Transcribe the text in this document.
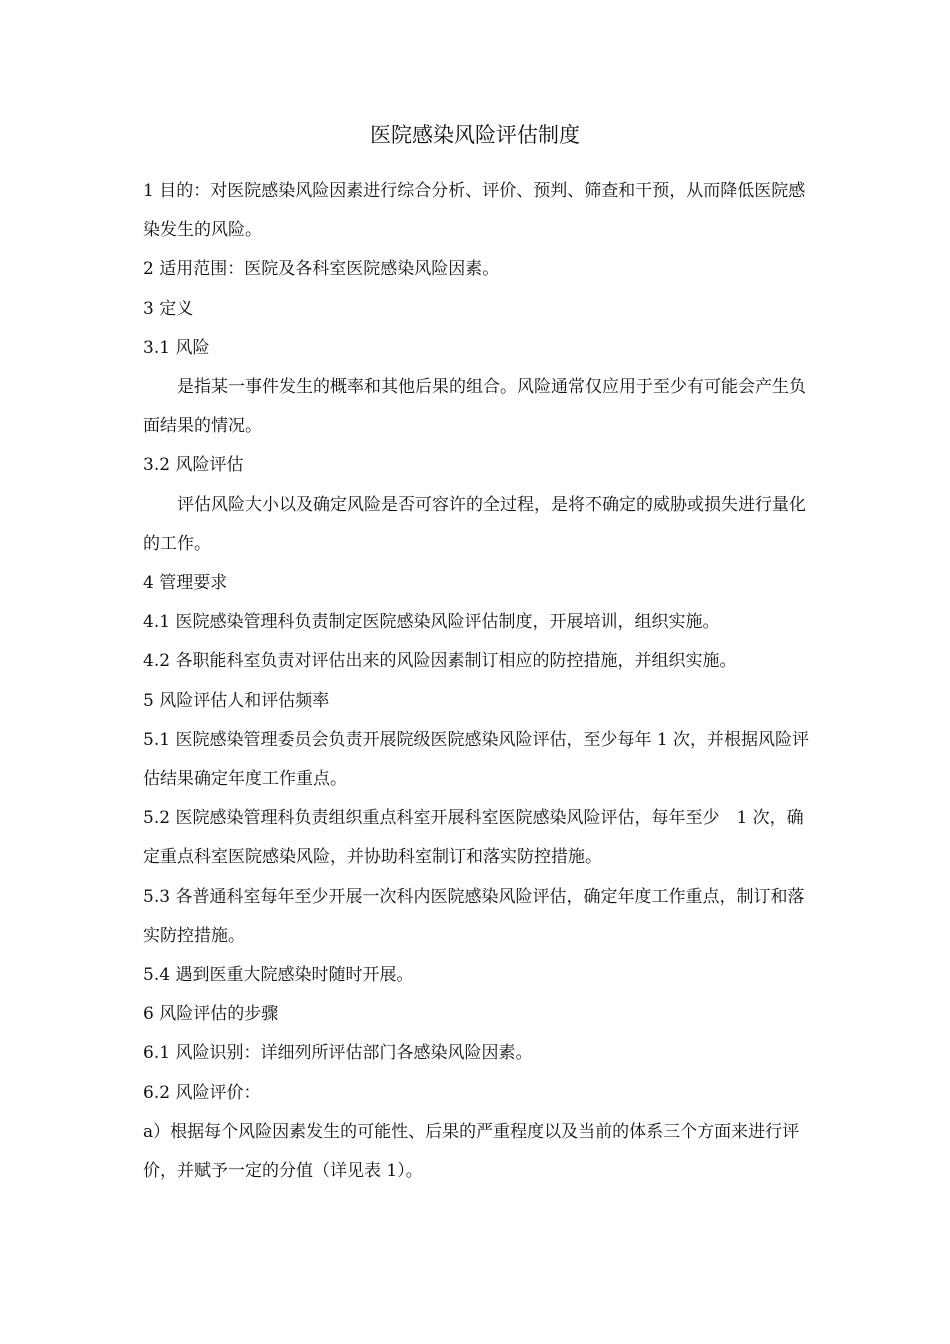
医院感染风险评估制度

1 目的：对医院感染风险因素进行综合分析、评价、预判、筛查和干预，从而降低医院感染发生的风险。

2 适用范围：医院及各科室医院感染风险因素。

3 定义

3.1 风险

是指某一事件发生的概率和其他后果的组合。风险通常仅应用于至少有可能会产生负面结果的情况。

3.2 风险评估

评估风险大小以及确定风险是否可容许的全过程，是将不确定的威胁或损失进行量化的工作。

4 管理要求

4.1 医院感染管理科负责制定医院感染风险评估制度，开展培训，组织实施。

4.2 各职能科室负责对评估出来的风险因素制订相应的防控措施，并组织实施。

5 风险评估人和评估频率

5.1 医院感染管理委员会负责开展院级医院感染风险评估，至少每年 1 次，并根据风险评估结果确定年度工作重点。

5.2 医院感染管理科负责组织重点科室开展科室医院感染风险评估，每年至少　1 次，确定重点科室医院感染风险，并协助科室制订和落实防控措施。

5.3 各普通科室每年至少开展一次科内医院感染风险评估，确定年度工作重点，制订和落实防控措施。

5.4 遇到医重大院感染时随时开展。

6 风险评估的步骤

6.1 风险识别：详细列所评估部门各感染风险因素。

6.2 风险评价：

a）根据每个风险因素发生的可能性、后果的严重程度以及当前的体系三个方面来进行评价，并赋予一定的分值（详见表 1）。
